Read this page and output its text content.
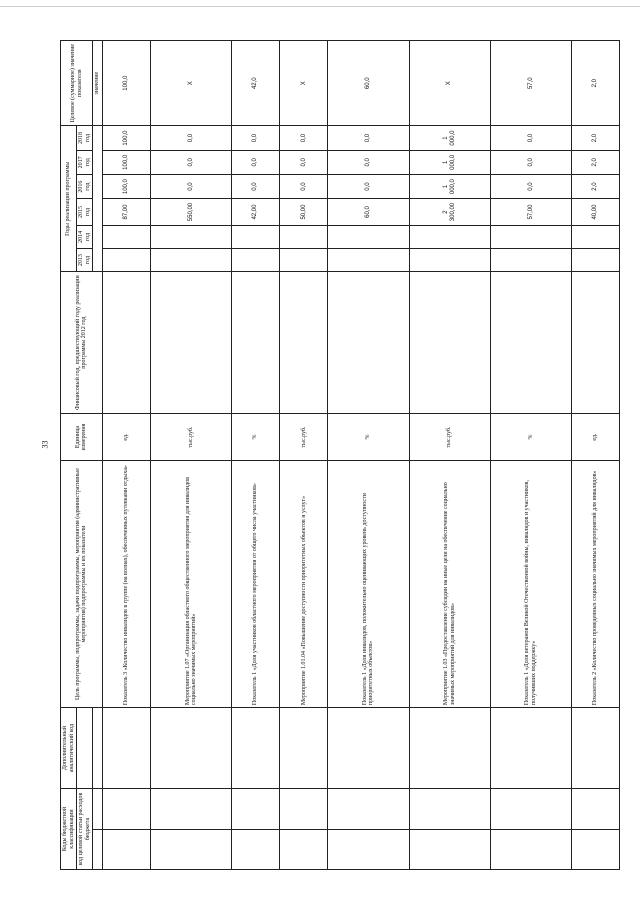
33
Коды бюджетной классификации		Дополнительный аналитический код	Цель программы, подпрограммы, задачи подпрограммы, мероприятия (административные мероприятия) подпрограммы и их показатели	Единица измерения	Финансовый год, предшествующий году реализации программы 2012 год	Годы реализации программы						Целевое (суммарное) значение показателя
код целевой статьи расходов бюджета						2013 год	2014 год	2015 год	2016 год	2017 год	2018 год	
												значение
			Показатель 3 «Количество инвалидов в группе (на волнах), обеспеченных путевками отдыха»	ед.				87,00	100,0	100,0	100,0	100,0
			Мероприятие 1.07 «Организация областного общественного мероприятия для инвалидов социально значимых мероприятий»	тыс.руб.				550,00	0,0	0,0	0,0	X
			Показатель 1 «Доля участников областного мероприятия от общего числа участников»	%				42,00	0,0	0,0	0,0	42,0
			Мероприятие 1.01.04 «Повышение доступности приоритетных объектов и услуг»	тыс.руб.				50,00	0,0	0,0	0,0	X
			Показатель 1 «Доля инвалидов, положительно оценивающих уровень доступности приоритетных объектов»	%				60,0	0,0	0,0	0,0	60,0
			Мероприятие 1.03 «Предоставление субсидии на иные цели на обеспечение социально значимых мероприятий для инвалидов»	тыс.руб.				2 300,00	1 000,0	1 000,0	1 000,0	X
			Показатель 1 «Доля ветеранов Великой Отечественной войны, инвалидов и участников, получивших поддержку»	%				57,00	0,0	0,0	0,0	57,0
			Показатель 2 «Количество проведенных социально значимых мероприятий для инвалидов»	ед.				40,00	2,0	2,0	2,0	2,0
